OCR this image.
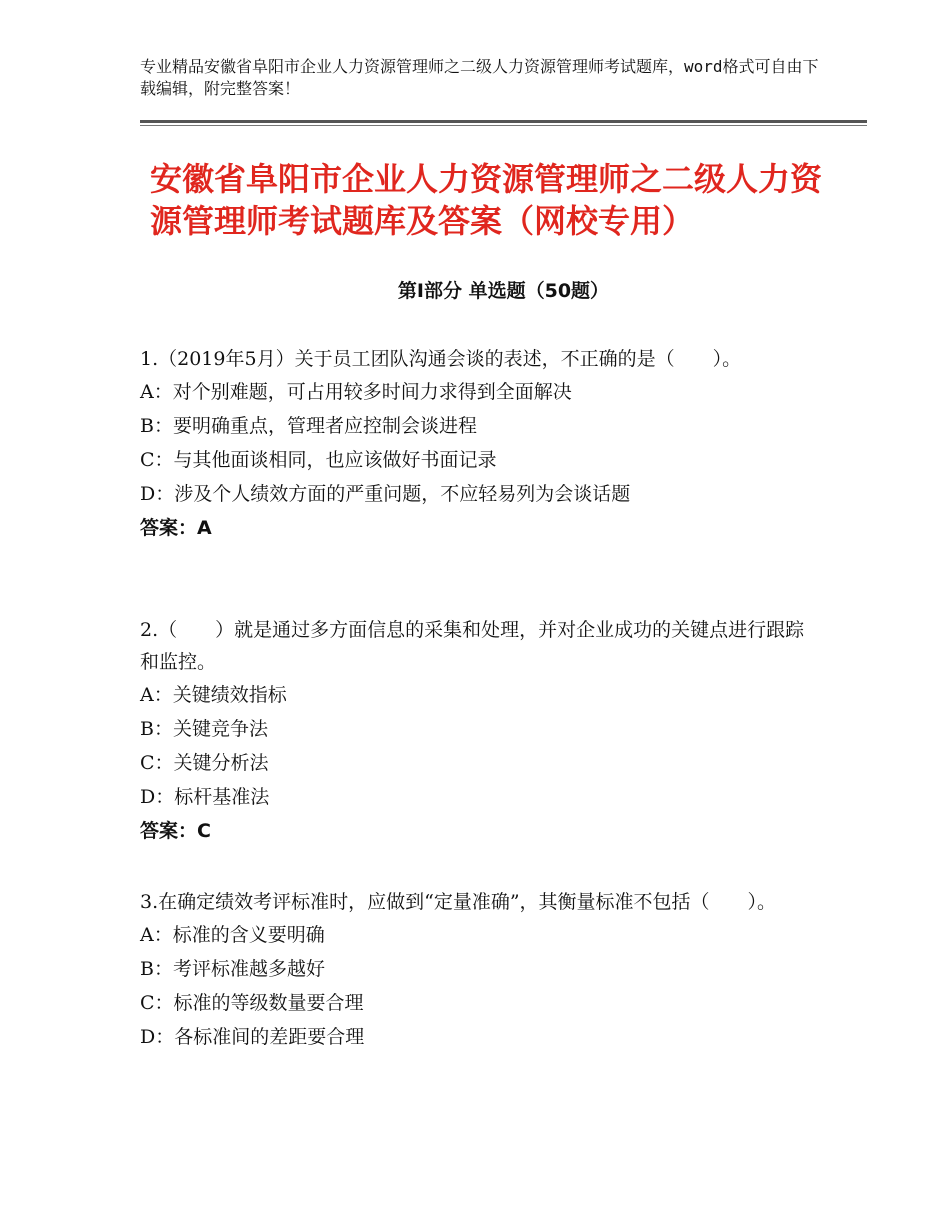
专业精品安徽省阜阳市企业人力资源管理师之二级人力资源管理师考试题库，word格式可自由下载编辑，附完整答案！
安徽省阜阳市企业人力资源管理师之二级人力资源管理师考试题库及答案（网校专用）
第Ⅰ部分 单选题（50题）

1.（2019年5月）关于员工团队沟通会谈的表述，不正确的是（　　）。

A：对个别难题，可占用较多时间力求得到全面解决

B：要明确重点，管理者应控制会谈进程

C：与其他面谈相同，也应该做好书面记录

D：涉及个人绩效方面的严重问题，不应轻易列为会谈话题

答案：A

2.（　　）就是通过多方面信息的采集和处理，并对企业成功的关键点进行跟踪和监控。

A：关键绩效指标

B：关键竞争法

C：关键分析法

D：标杆基准法

答案：C

3.在确定绩效考评标准时，应做到“定量准确”，其衡量标准不包括（　　）。

A：标准的含义要明确

B：考评标准越多越好

C：标准的等级数量要合理

D：各标准间的差距要合理
